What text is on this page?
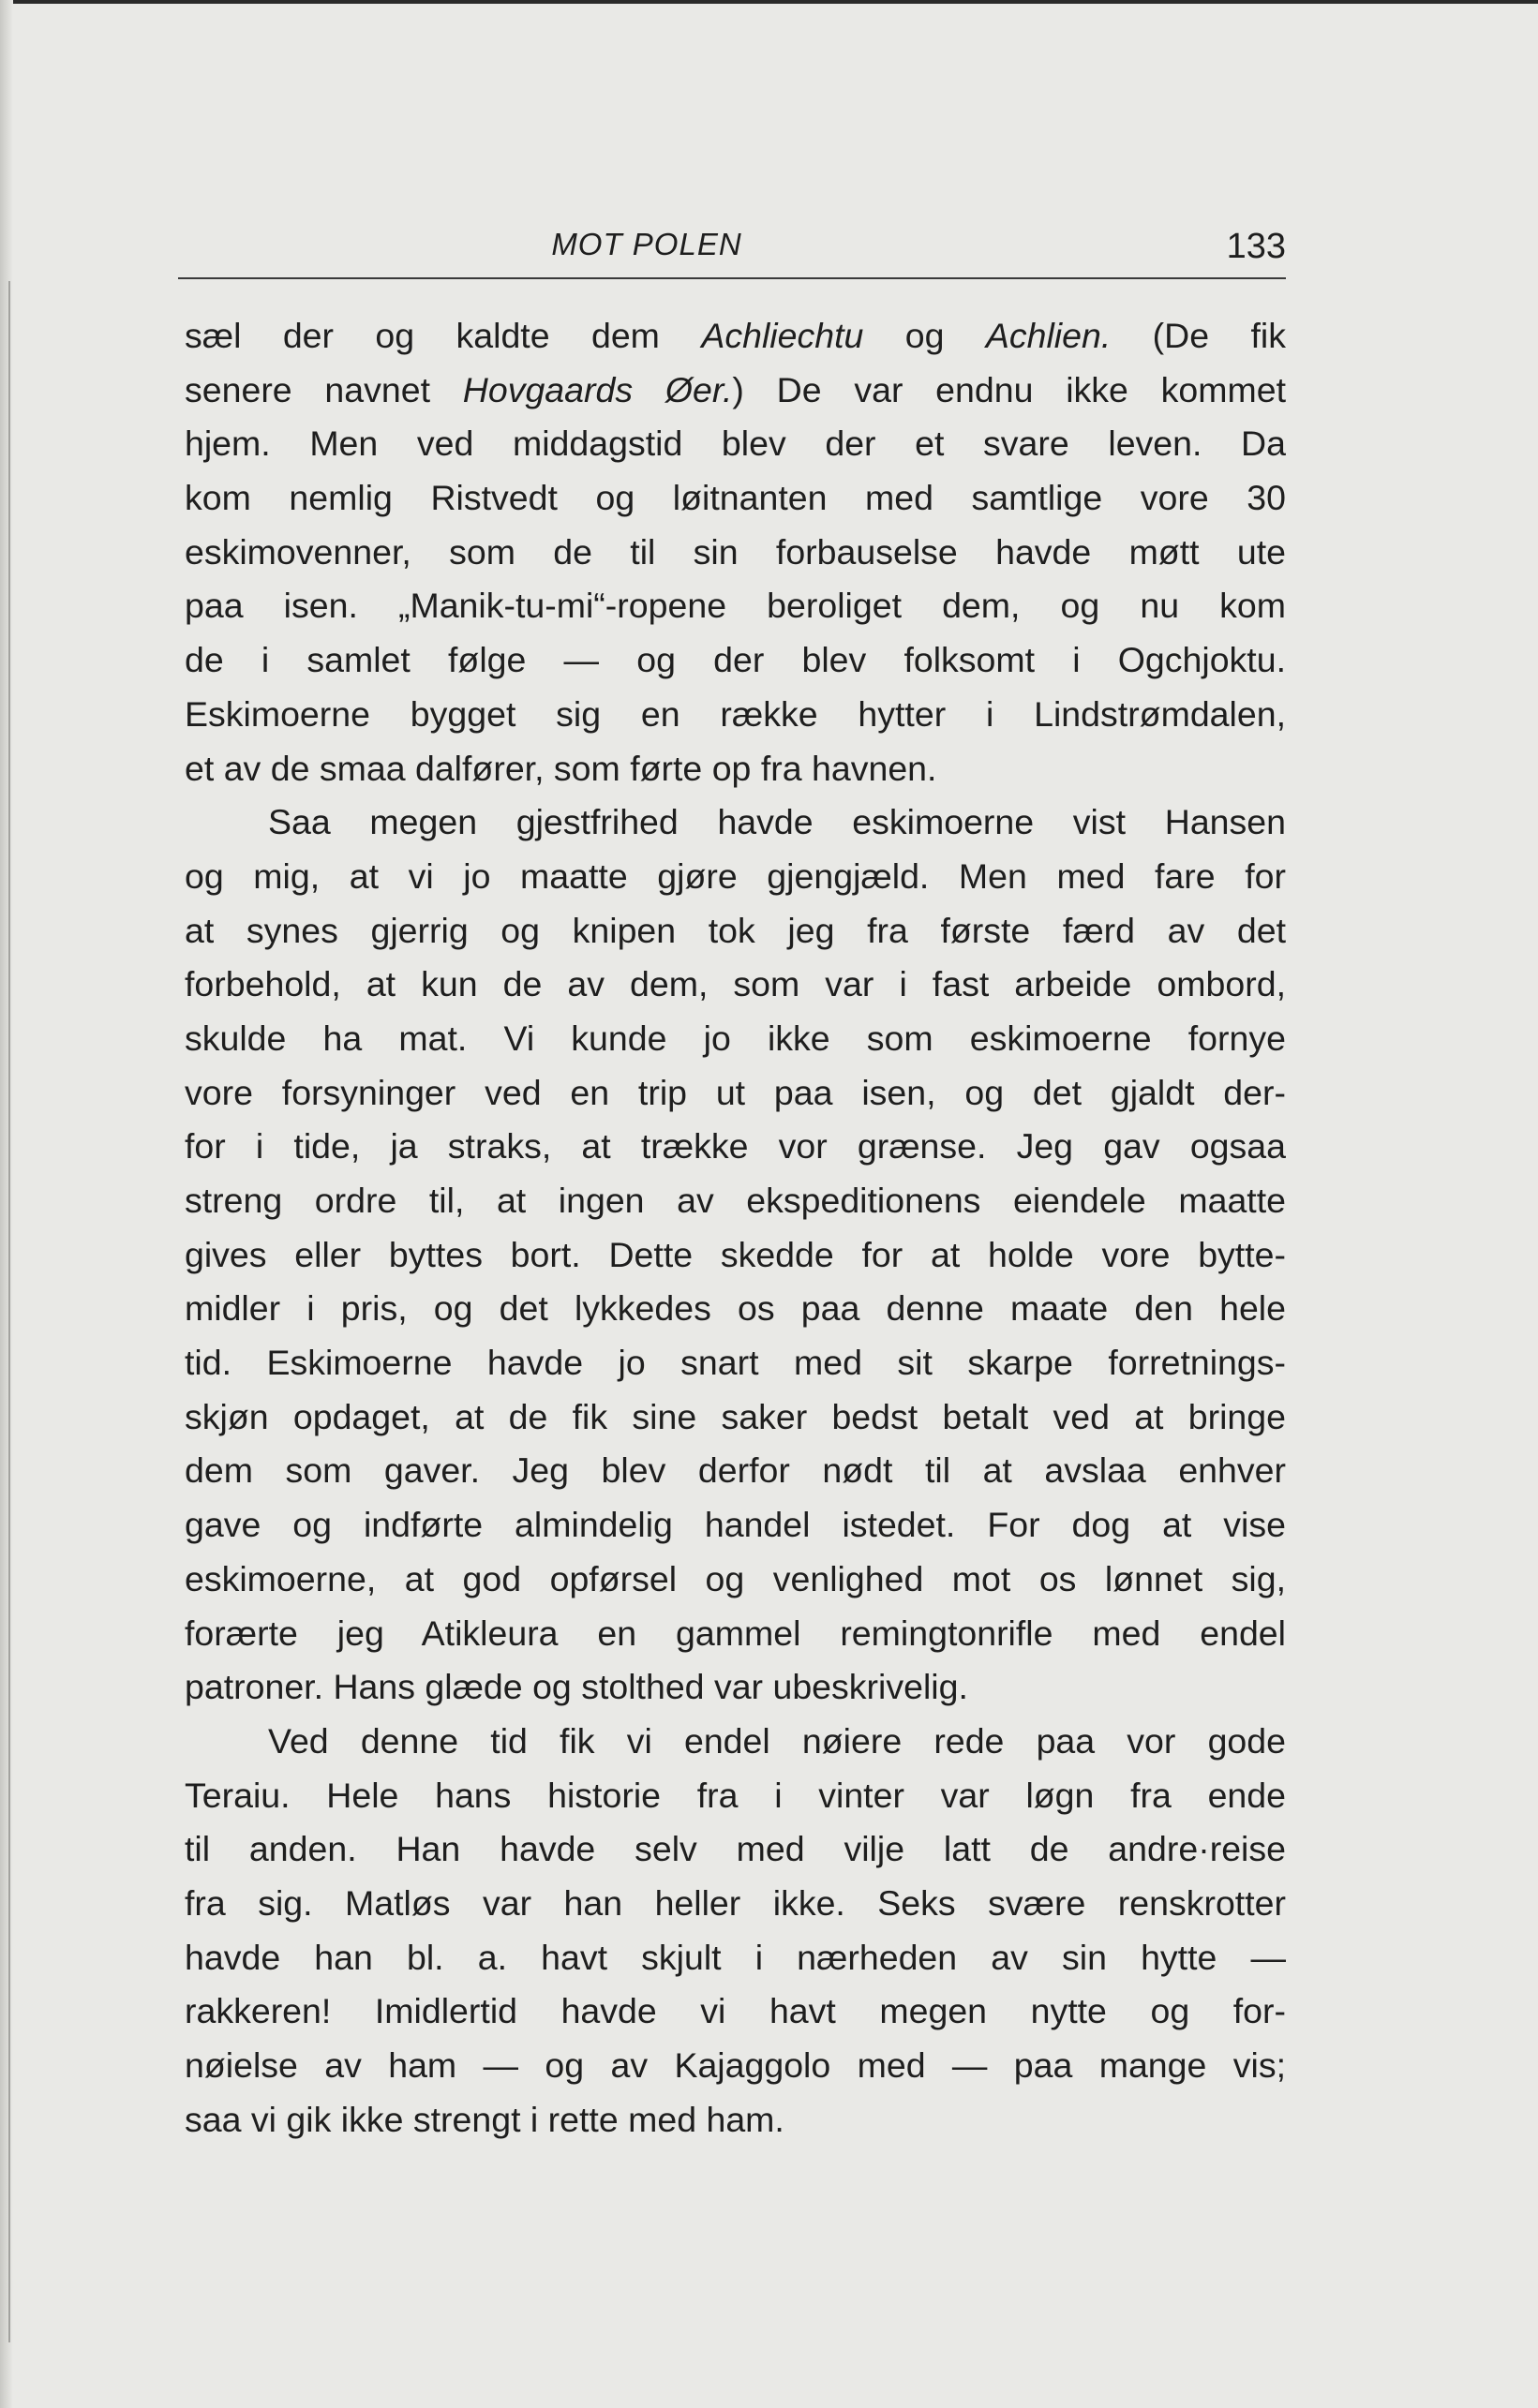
MOT POLEN	133
sæl der og kaldte dem Achliechtu og Achlien. (De fik
senere navnet Hovgaards Øer.) De var endnu ikke kommet
hjem. Men ved middagstid blev der et svare leven. Da
kom nemlig Ristvedt og løitnanten med samtlige vore 30
eskimovenner, som de til sin forbauselse havde møtt ute
paa isen. „Manik-tu-mi“-ropene beroliget dem, og nu kom
de i samlet følge — og der blev folksomt i Ogchjoktu.
Eskimoerne bygget sig en række hytter i Lindstrømdalen,
et av de smaa dalfører, som førte op fra havnen.
Saa megen gjestfrihed havde eskimoerne vist Hansen
og mig, at vi jo maatte gjøre gjengjæld. Men med fare for
at synes gjerrig og knipen tok jeg fra første færd av det
forbehold, at kun de av dem, som var i fast arbeide ombord,
skulde ha mat. Vi kunde jo ikke som eskimoerne fornye
vore forsyninger ved en trip ut paa isen, og det gjaldt der-
for i tide, ja straks, at trække vor grænse. Jeg gav ogsaa
streng ordre til, at ingen av ekspeditionens eiendele maatte
gives eller byttes bort. Dette skedde for at holde vore bytte-
midler i pris, og det lykkedes os paa denne maate den hele
tid. Eskimoerne havde jo snart med sit skarpe forretnings-
skjøn opdaget, at de fik sine saker bedst betalt ved at bringe
dem som gaver. Jeg blev derfor nødt til at avslaa enhver
gave og indførte almindelig handel istedet. For dog at vise
eskimoerne, at god opførsel og venlighed mot os lønnet sig,
forærte jeg Atikleura en gammel remingtonrifle med endel
patroner. Hans glæde og stolthed var ubeskrivelig.
Ved denne tid fik vi endel nøiere rede paa vor gode
Teraiu. Hele hans historie fra i vinter var løgn fra ende
til anden. Han havde selv med vilje latt de andre·reise
fra sig. Matløs var han heller ikke. Seks svære renskrotter
havde han bl. a. havt skjult i nærheden av sin hytte —
rakkeren! Imidlertid havde vi havt megen nytte og for-
nøielse av ham — og av Kajaggolo med — paa mange vis;
saa vi gik ikke strengt i rette med ham.
